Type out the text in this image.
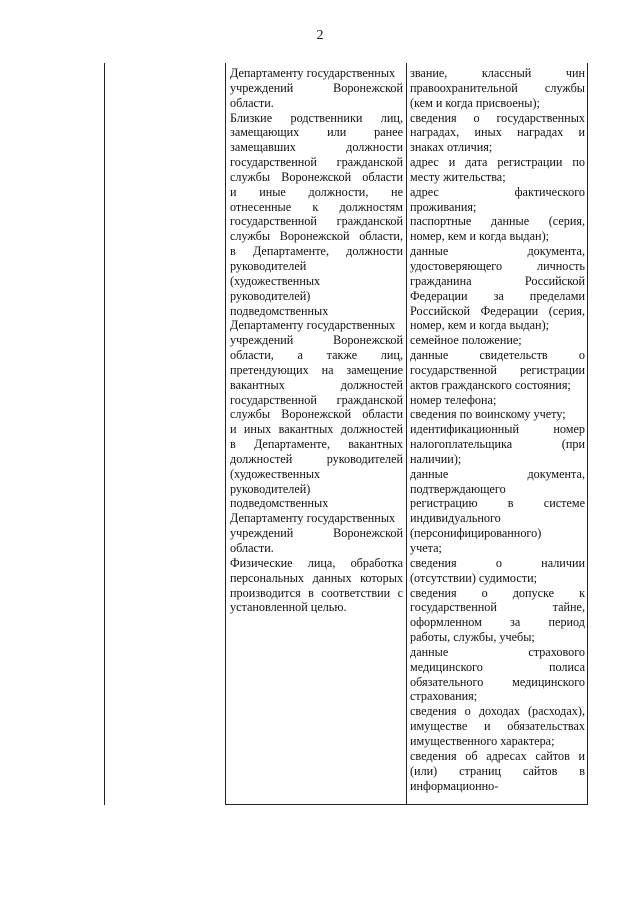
2
Департаменту государственных
учреждений Воронежской
области.
Близкие родственники лиц,
замещающих или ранее
замещавших должности
государственной гражданской
службы Воронежской области
и иные должности, не
отнесенные к должностям
государственной гражданской
службы Воронежской области,
в Департаменте, должности
руководителей
(художественных
руководителей)
подведомственных
Департаменту государственных
учреждений Воронежской
области, а также лиц,
претендующих на замещение
вакантных должностей
государственной гражданской
службы Воронежской области
и иных вакантных должностей
в Департаменте, вакантных
должностей руководителей
(художественных
руководителей)
подведомственных
Департаменту государственных
учреждений Воронежской
области.
Физические лица, обработка
персональных данных которых
производится в соответствии с
установленной целью.
звание, классный чин
правоохранительной службы
(кем и когда присвоены);
сведения о государственных
наградах, иных наградах и
знаках отличия;
адрес и дата регистрации по
месту жительства;
адрес фактического
проживания;
паспортные данные (серия,
номер, кем и когда выдан);
данные документа,
удостоверяющего личность
гражданина Российской
Федерации за пределами
Российской Федерации (серия,
номер, кем и когда выдан);
семейное положение;
данные свидетельств о
государственной регистрации
актов гражданского состояния;
номер телефона;
сведения по воинскому учету;
идентификационный номер
налогоплательщика (при
наличии);
данные документа,
подтверждающего
регистрацию в системе
индивидуального
(персонифицированного)
учета;
сведения о наличии
(отсутствии) судимости;
сведения о допуске к
государственной тайне,
оформленном за период
работы, службы, учебы;
данные страхового
медицинского полиса
обязательного медицинского
страхования;
сведения о доходах (расходах),
имуществе и обязательствах
имущественного характера;
сведения об адресах сайтов и
(или) страниц сайтов в
информационно-
